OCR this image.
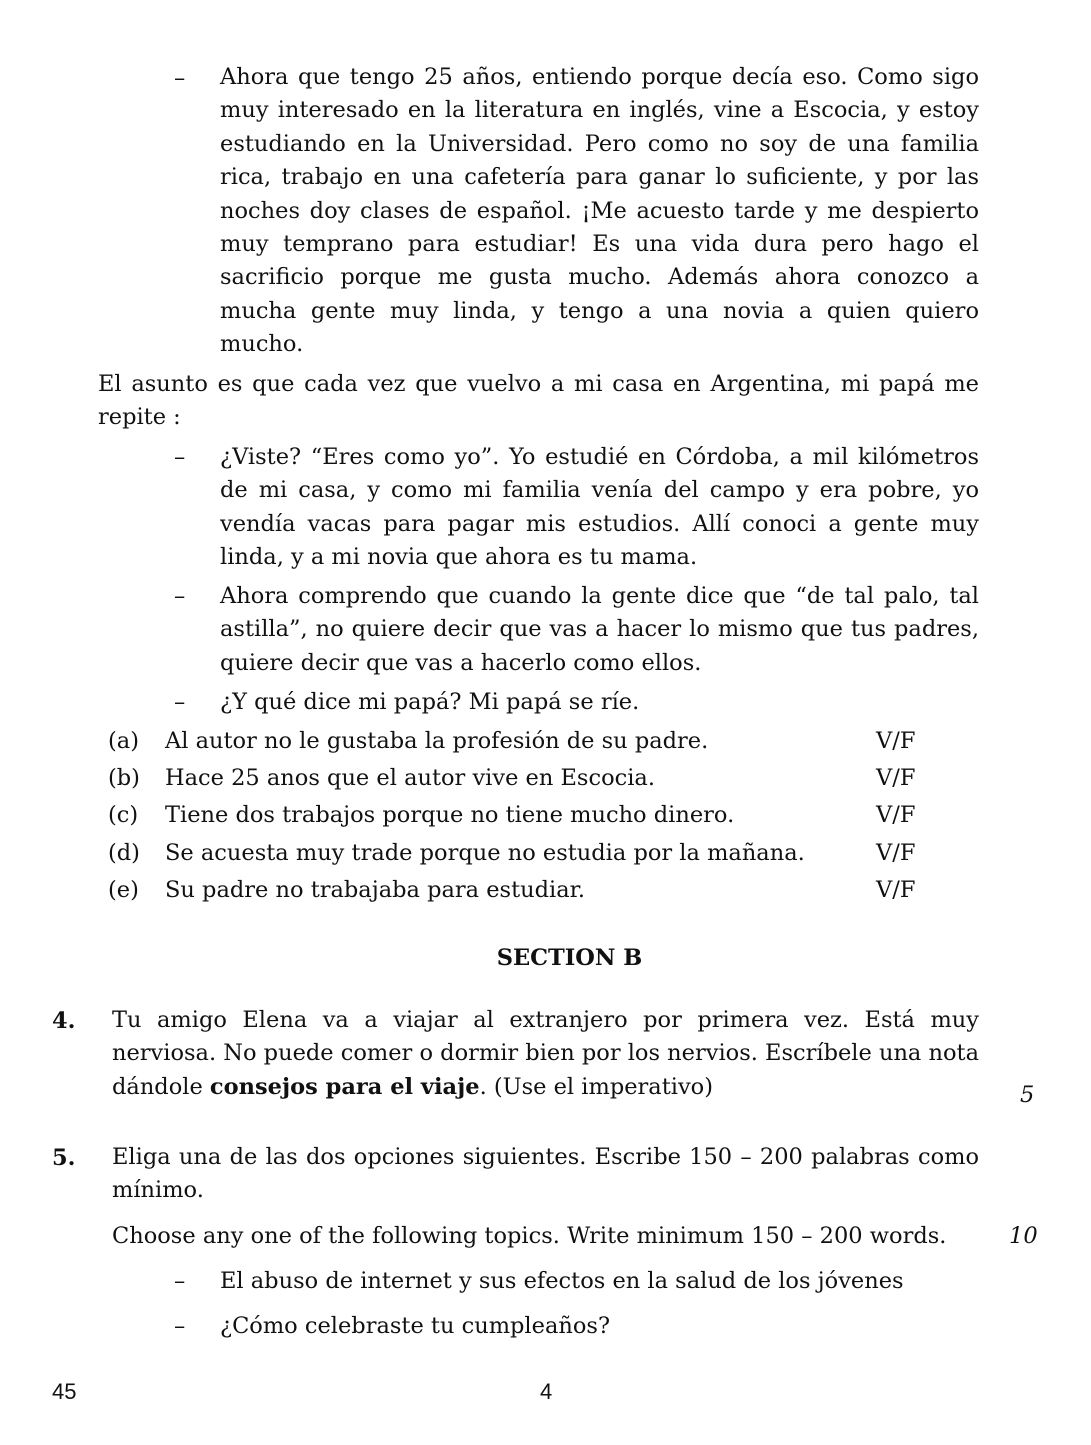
– Ahora que tengo 25 años, entiendo porque decía eso. Como sigo muy interesado en la literatura en inglés, vine a Escocia, y estoy estudiando en la Universidad. Pero como no soy de una familia rica, trabajo en una cafetería para ganar lo suficiente, y por las noches doy clases de español. ¡Me acuesto tarde y me despierto muy temprano para estudiar! Es una vida dura pero hago el sacrificio porque me gusta mucho. Además ahora conozco a mucha gente muy linda, y tengo a una novia a quien quiero mucho.
El asunto es que cada vez que vuelvo a mi casa en Argentina, mi papá me repite :
– ¿Viste? “Eres como yo”. Yo estudié en Córdoba, a mil kilómetros de mi casa, y como mi familia venía del campo y era pobre, yo vendía vacas para pagar mis estudios. Allí conoci a gente muy linda, y a mi novia que ahora es tu mama.
– Ahora comprendo que cuando la gente dice que “de tal palo, tal astilla”, no quiere decir que vas a hacer lo mismo que tus padres, quiere decir que vas a hacerlo como ellos.
– ¿Y qué dice mi papá? Mi papá se ríe.
(a) Al autor no le gustaba la profesión de su padre.	V/F
(b) Hace 25 anos que el autor vive en Escocia.	V/F
(c) Tiene dos trabajos porque no tiene mucho dinero.	V/F
(d) Se acuesta muy trade porque no estudia por la mañana.	V/F
(e) Su padre no trabajaba para estudiar.	V/F
SECTION B
4. Tu amigo Elena va a viajar al extranjero por primera vez. Está muy nerviosa. No puede comer o dormir bien por los nervios. Escríbele una nota dándole consejos para el viaje. (Use el imperativo)	5
5. Eliga una de las dos opciones siguientes. Escribe 150 – 200 palabras como mínimo.
Choose any one of the following topics. Write minimum 150 – 200 words.	10
– El abuso de internet y sus efectos en la salud de los jóvenes
– ¿Cómo celebraste tu cumpleaños?
45	4
